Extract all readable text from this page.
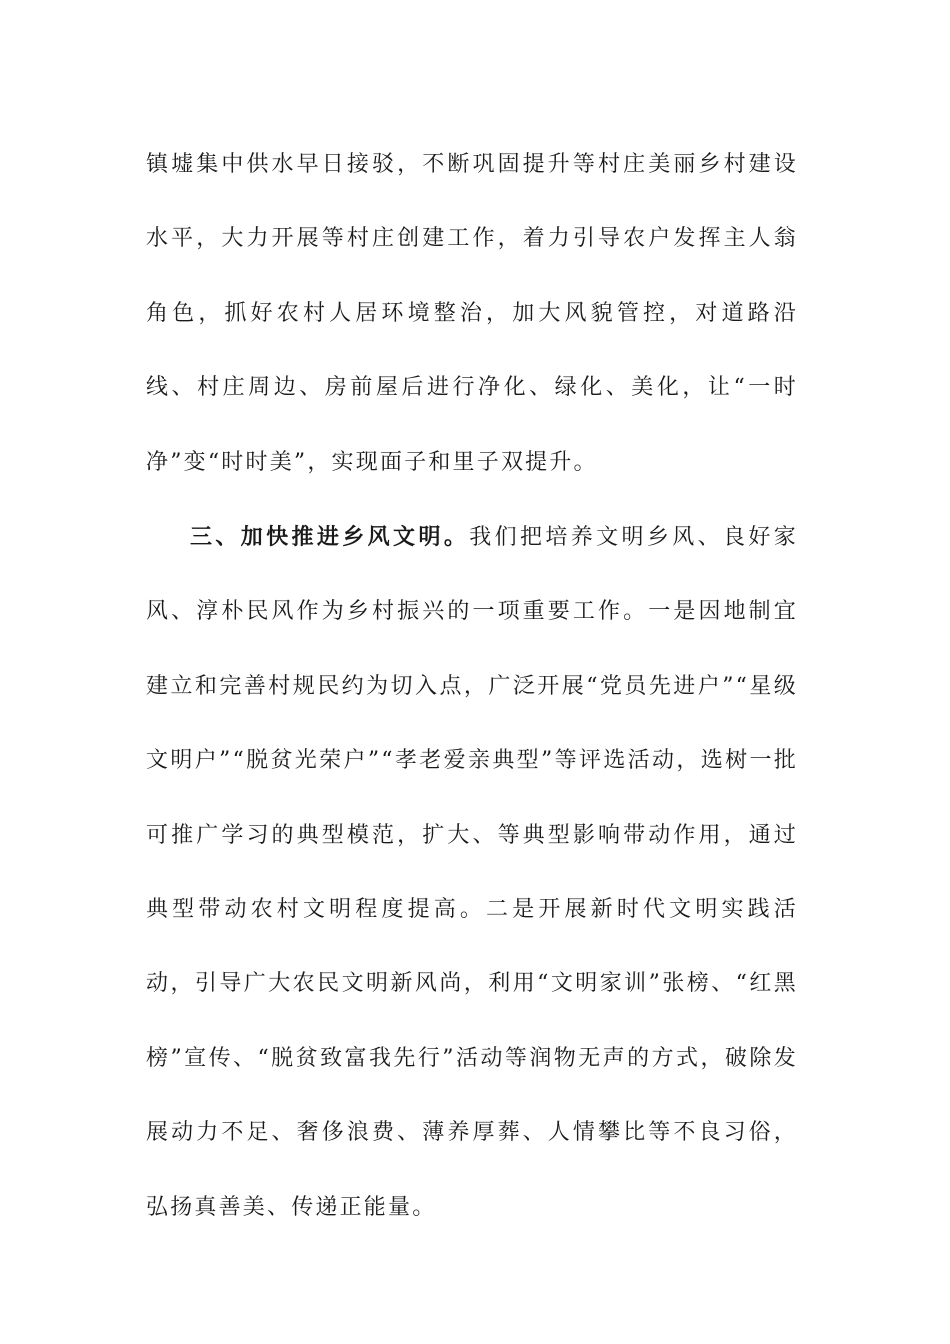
镇墟集中供水早日接驳，不断巩固提升等村庄美丽乡村建设水平，大力开展等村庄创建工作，着力引导农户发挥主人翁角色，抓好农村人居环境整治，加大风貌管控，对道路沿线、村庄周边、房前屋后进行净化、绿化、美化，让“一时净”变“时时美”，实现面子和里子双提升。

三、加快推进乡风文明。我们把培养文明乡风、良好家风、淳朴民风作为乡村振兴的一项重要工作。一是因地制宜建立和完善村规民约为切入点，广泛开展“党员先进户”“星级文明户”“脱贫光荣户”“孝老爱亲典型”等评选活动，选树一批可推广学习的典型模范，扩大、等典型影响带动作用，通过典型带动农村文明程度提高。二是开展新时代文明实践活动，引导广大农民文明新风尚，利用“文明家训”张榜、“红黑榜”宣传、“脱贫致富我先行”活动等润物无声的方式，破除发展动力不足、奢侈浪费、薄养厚葬、人情攀比等不良习俗，弘扬真善美、传递正能量。
